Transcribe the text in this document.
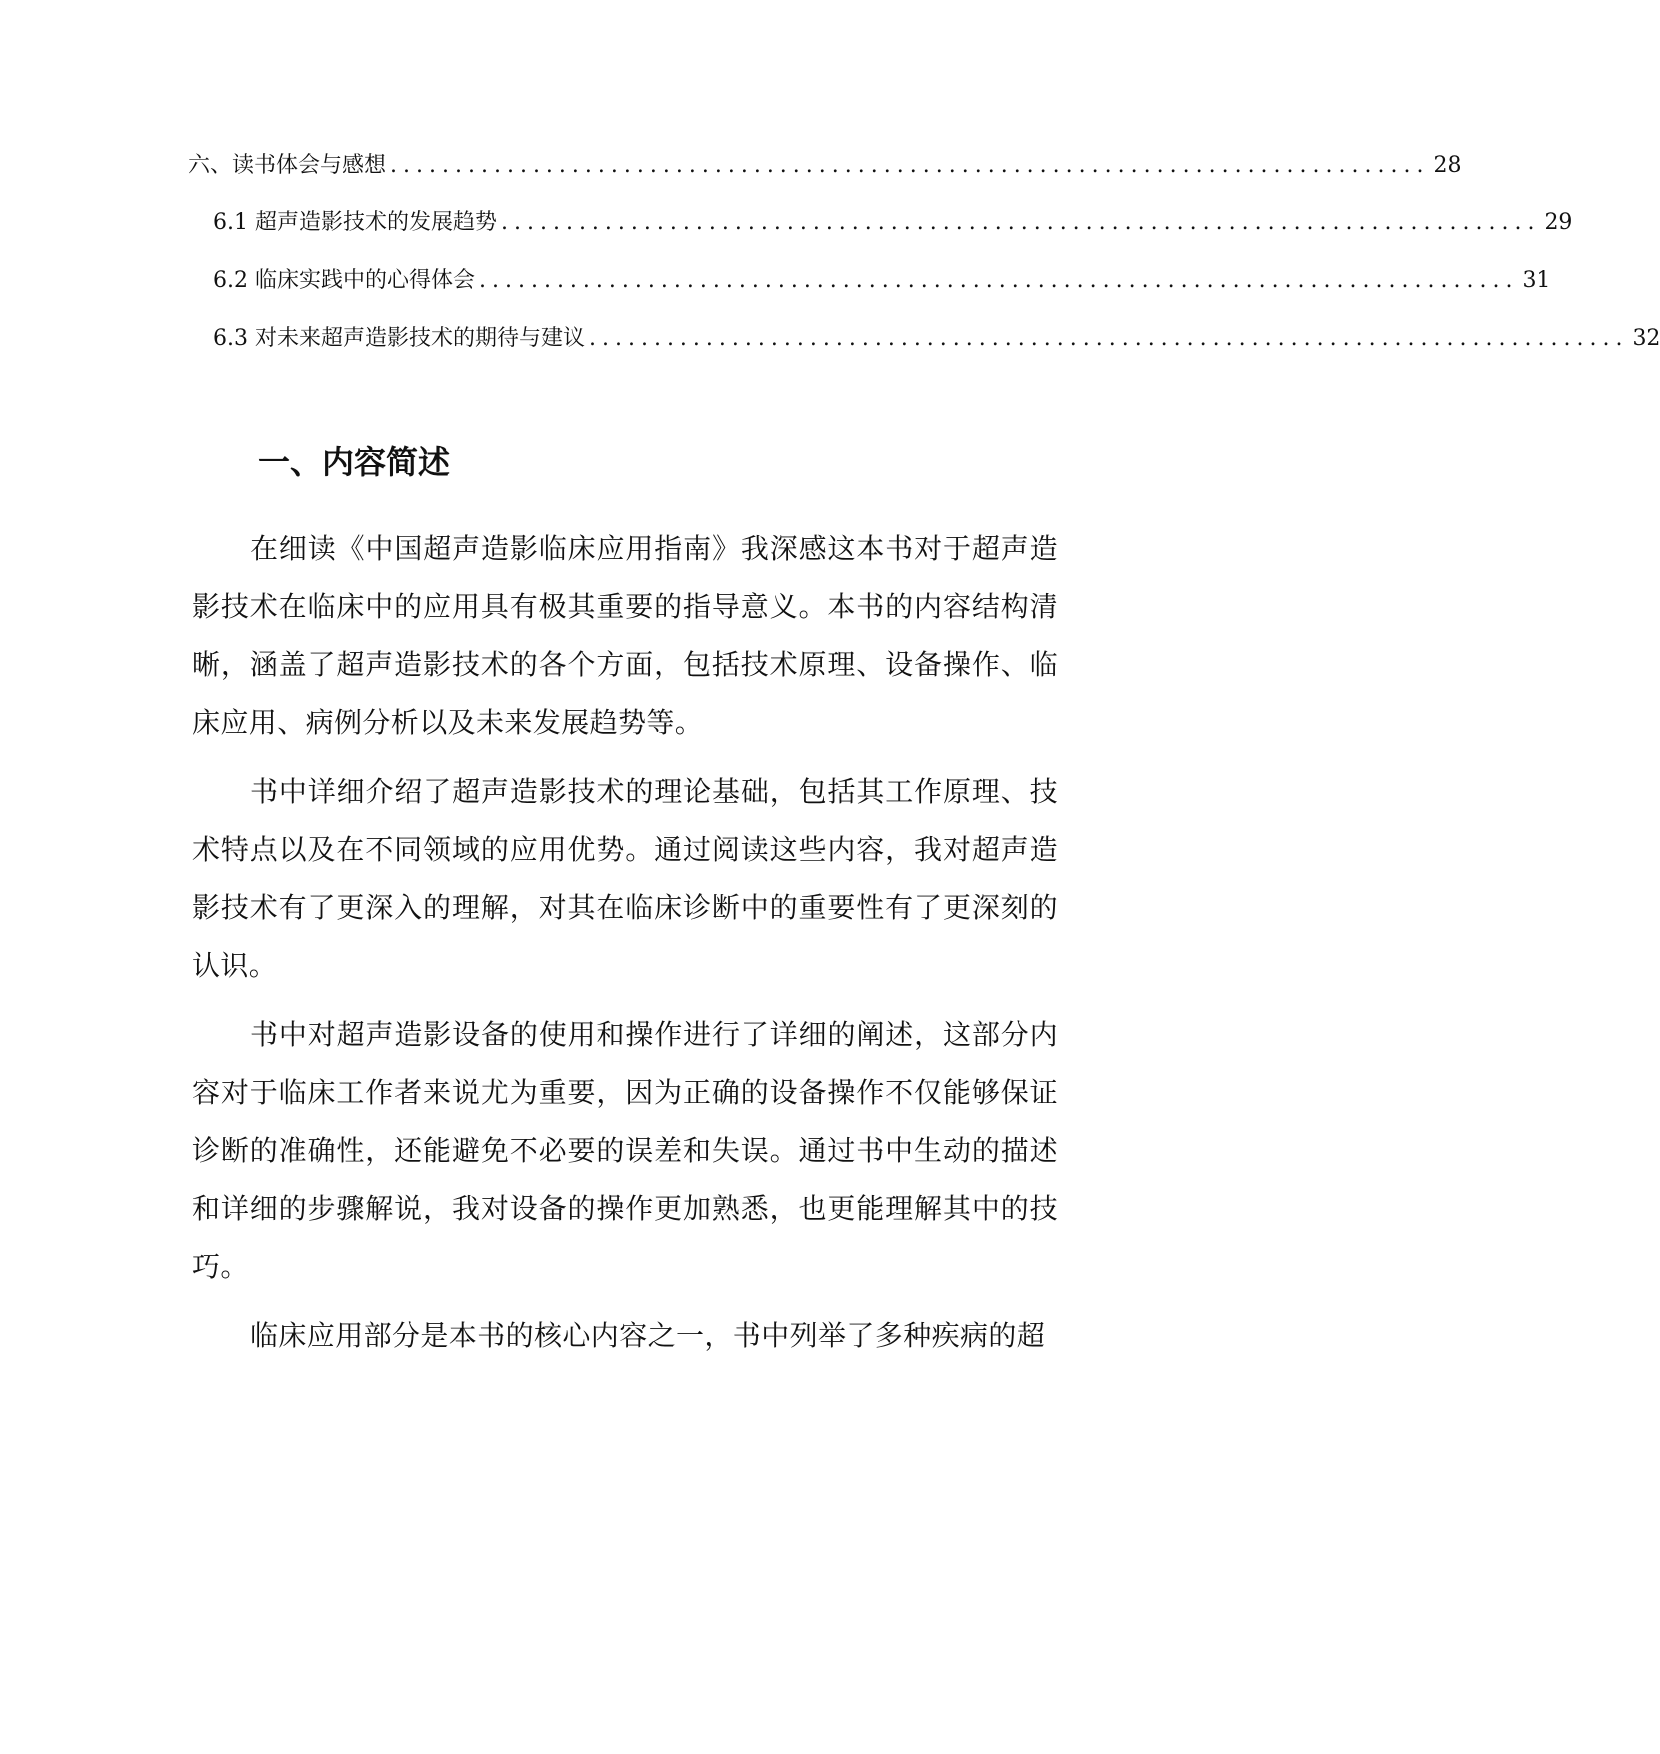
六、读书体会与感想 ................................................................................ 28
6.1 超声造影技术的发展趋势 ................................................................................ 29
6.2 临床实践中的心得体会 ................................................................................ 31
6.3 对未来超声造影技术的期待与建议 ................................................................................ 32
一、内容简述

在细读《中国超声造影临床应用指南》我深感这本书对于超声造影技术在临床中的应用具有极其重要的指导意义。本书的内容结构清晰，涵盖了超声造影技术的各个方面，包括技术原理、设备操作、临床应用、病例分析以及未来发展趋势等。

书中详细介绍了超声造影技术的理论基础，包括其工作原理、技术特点以及在不同领域的应用优势。通过阅读这些内容，我对超声造影技术有了更深入的理解，对其在临床诊断中的重要性有了更深刻的认识。

书中对超声造影设备的使用和操作进行了详细的阐述，这部分内容对于临床工作者来说尤为重要，因为正确的设备操作不仅能够保证诊断的准确性，还能避免不必要的误差和失误。通过书中生动的描述和详细的步骤解说，我对设备的操作更加熟悉，也更能理解其中的技巧。

临床应用部分是本书的核心内容之一，书中列举了多种疾病的超
